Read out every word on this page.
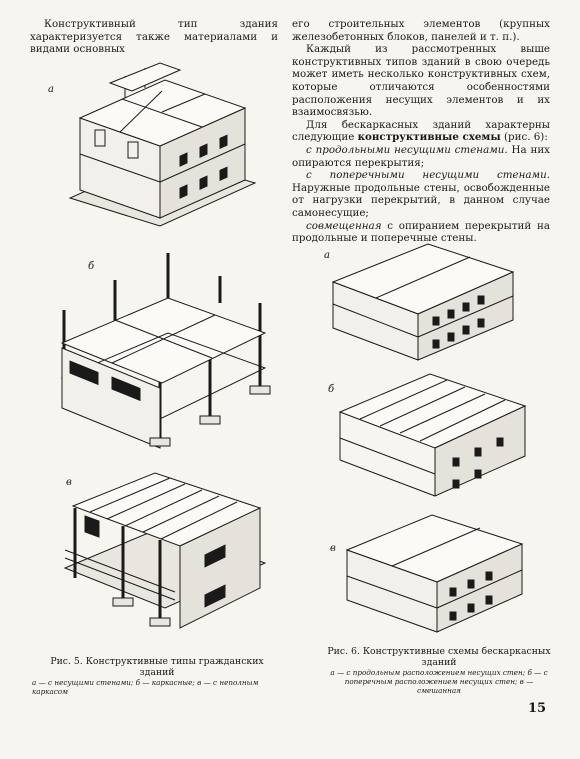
Конструктивный тип здания характеризуется также материалами и видами основных

его строительных элементов (крупных железобетонных блоков, панелей и т. п.).

Каждый из рассмотренных выше конструктивных типов зданий в свою очередь может иметь несколько конструктивных схем, которые отличаются особенностями расположения несущих элементов и их взаимосвязью.

Для бескаркасных зданий характерны следующие конструктивные схемы (рис. 6):

с продольными несущими стенами. На них опираются перекрытия;

с поперечными несущими стенами. Наружные продольные стены, освобожденные от нагрузки перекрытий, в данном случае самонесущие;

совмещенная с опиранием перекрытий на продольные и поперечные стены.

а
б
в
а
б
в
Рис. 5. Конструктивные типы гражданских зданий
а — с несущими стенами; б — каркасные; в — с неполным каркасом
Рис. 6. Конструктивные схемы бескаркасных зданий
а — с продольным расположением несущих стен; б — с поперечным расположением несущих стен; в — смешанная
15
